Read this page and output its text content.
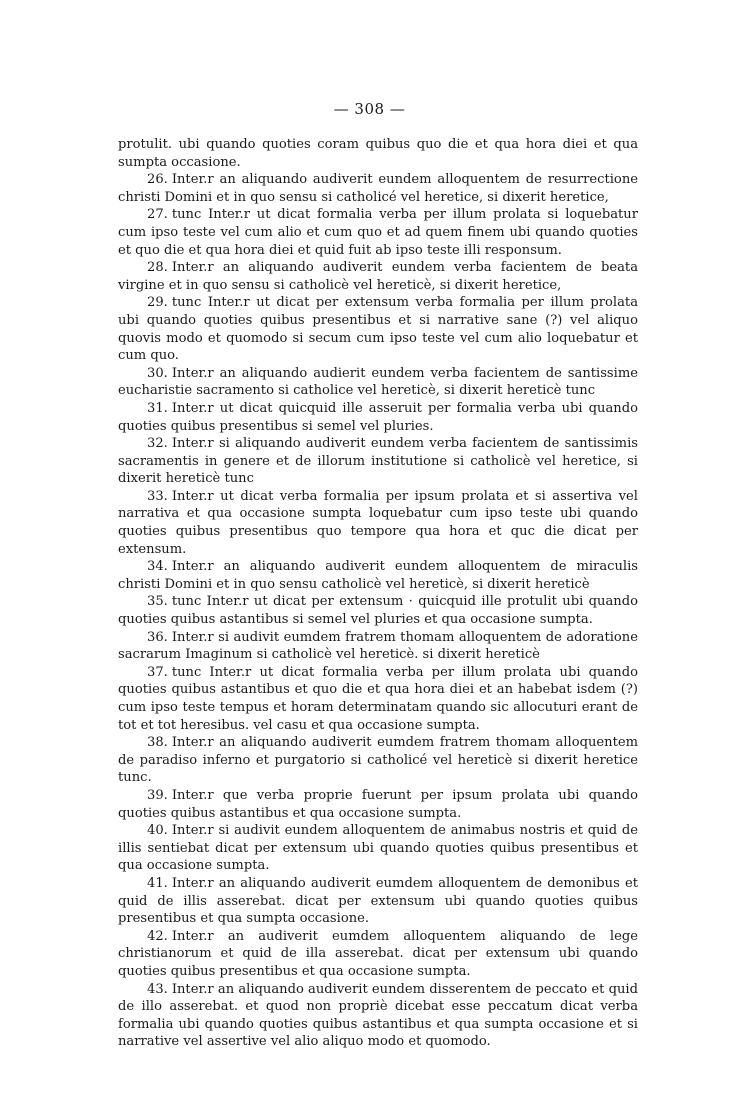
— 308 —

protulit. ubi quando quoties coram quibus quo die et qua hora diei et qua sumpta occasione.

26. Inter.r an aliquando audiverit eundem alloquentem de resurrectione christi Domini et in quo sensu si catholicé vel heretice, si dixerit heretice,

27. tunc Inter.r ut dicat formalia verba per illum prolata si loquebatur cum ipso teste vel cum alio et cum quo et ad quem finem ubi quando quoties et quo die et qua hora diei et quid fuit ab ipso teste illi responsum.

28. Inter.r an aliquando audiverit eundem verba facientem de beata virgine et in quo sensu si catholicè vel hereticè, si dixerit heretice,

29. tunc Inter.r ut dicat per extensum verba formalia per illum prolata ubi quando quoties quibus presentibus et si narrative sane (?) vel aliquo quovis modo et quomodo si secum cum ipso teste vel cum alio loquebatur et cum quo.

30. Inter.r an aliquando audierit eundem verba facientem de santissime eucharistie sacramento si catholice vel hereticè, si dixerit hereticè tunc

31. Inter.r ut dicat quicquid ille asseruit per formalia verba ubi quando quoties quibus presentibus si semel vel pluries.

32. Inter.r si aliquando audiverit eundem verba facientem de santissimis sacramentis in genere et de illorum institutione si catholicè vel heretice, si dixerit hereticè tunc

33. Inter.r ut dicat verba formalia per ipsum prolata et si assertiva vel narrativa et qua occasione sumpta loquebatur cum ipso teste ubi quando quoties quibus presentibus quo tempore qua hora et quc die dicat per extensum.

34. Inter.r an aliquando audiverit eundem alloquentem de miraculis christi Domini et in quo sensu catholicè vel hereticè, si dixerit hereticè

35. tunc Inter.r ut dicat per extensum · quicquid ille protulit ubi quando quoties quibus astantibus si semel vel pluries et qua occasione sumpta.

36. Inter.r si audivit eumdem fratrem thomam alloquentem de adoratione sacrarum Imaginum si catholicè vel hereticè. si dixerit hereticè

37. tunc Inter.r ut dicat formalia verba per illum prolata ubi quando quoties quibus astantibus et quo die et qua hora diei et an habebat isdem (?) cum ipso teste tempus et horam determinatam quando sic allocuturi erant de tot et tot heresibus. vel casu et qua occasione sumpta.

38. Inter.r an aliquando audiverit eumdem fratrem thomam alloquentem de paradiso inferno et purgatorio si catholicé vel hereticè si dixerit heretice tunc.

39. Inter.r que verba proprie fuerunt per ipsum prolata ubi quando quoties quibus astantibus et qua occasione sumpta.

40. Inter.r si audivit eundem alloquentem de animabus nostris et quid de illis sentiebat dicat per extensum ubi quando quoties quibus presentibus et qua occasione sumpta.

41. Inter.r an aliquando audiverit eumdem alloquentem de demonibus et quid de illis asserebat. dicat per extensum ubi quando quoties quibus presentibus et qua sumpta occasione.

42. Inter.r an audiverit eumdem alloquentem aliquando de lege christianorum et quid de illa asserebat. dicat per extensum ubi quando quoties quibus presentibus et qua occasione sumpta.

43. Inter.r an aliquando audiverit eundem disserentem de peccato et quid de illo asserebat. et quod non propriè dicebat esse peccatum dicat verba formalia ubi quando quoties quibus astantibus et qua sumpta occasione et si narrative vel assertive vel alio aliquo modo et quomodo.
